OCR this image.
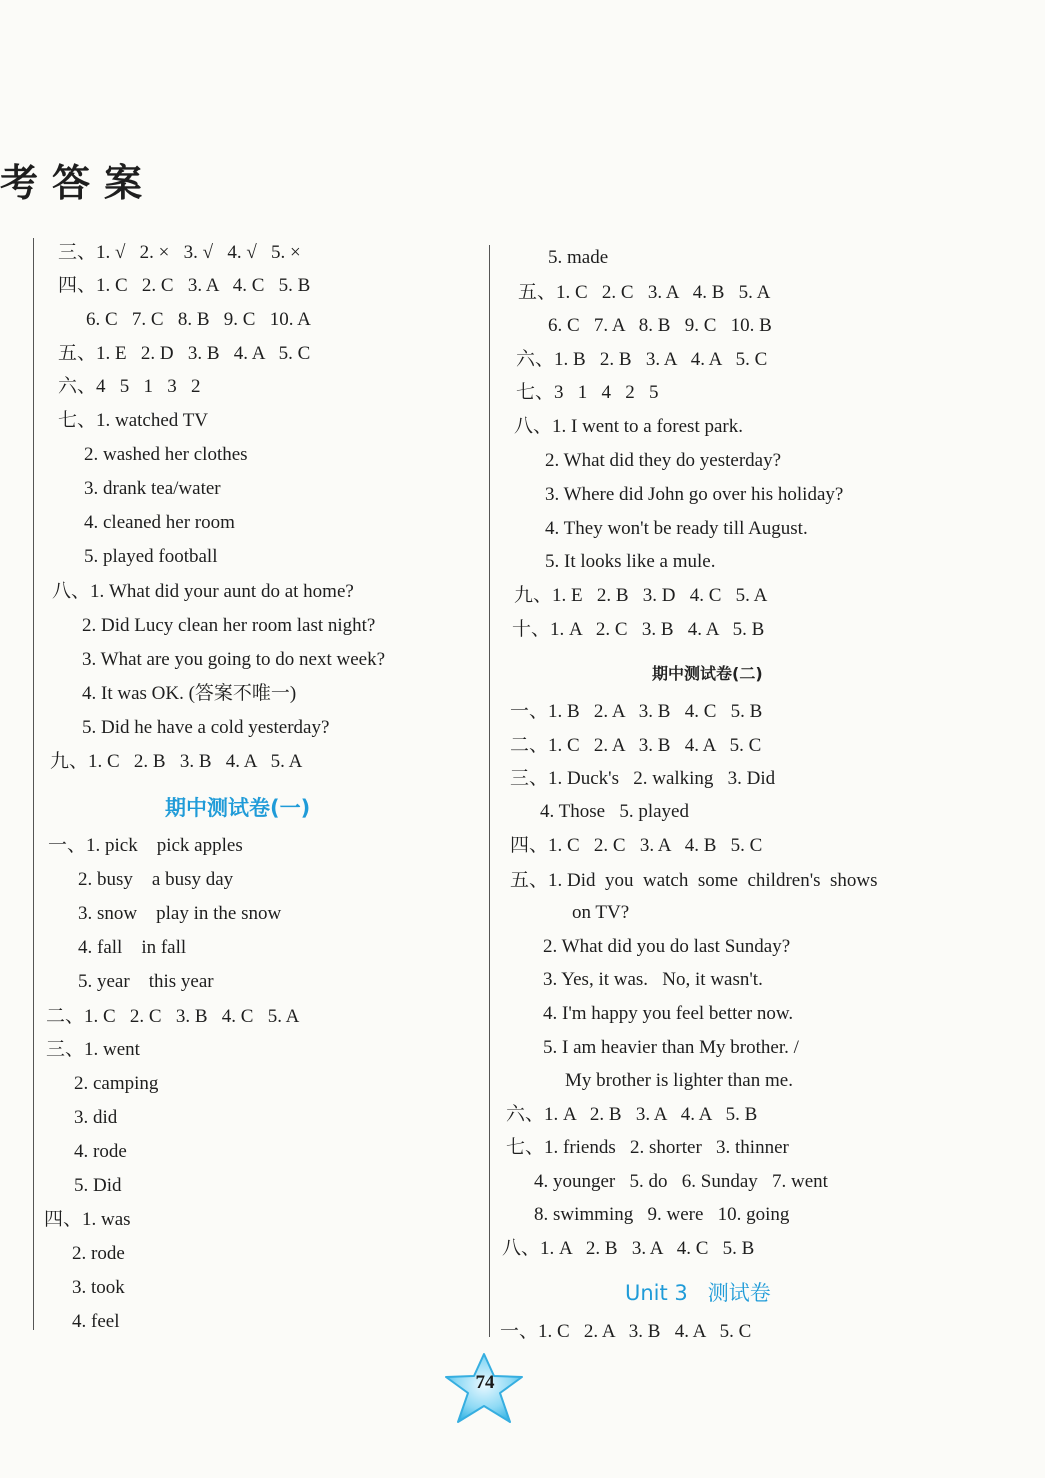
考答案
三、1. √   2. ×   3. √   4. √   5. ×
四、1. C   2. C   3. A   4. C   5. B
6. C   7. C   8. B   9. C   10. A
五、1. E   2. D   3. B   4. A   5. C
六、4   5   1   3   2
七、1. watched TV
2. washed her clothes
3. drank tea/water
4. cleaned her room
5. played football
八、1. What did your aunt do at home?
2. Did Lucy clean her room last night?
3. What are you going to do next week?
4. It was OK. (答案不唯一)
5. Did he have a cold yesterday?
九、1. C   2. B   3. B   4. A   5. A
期中测试卷(一)
一、1. pick    pick apples
2. busy    a busy day
3. snow    play in the snow
4. fall    in fall
5. year    this year
二、1. C   2. C   3. B   4. C   5. A
三、1. went
2. camping
3. did
4. rode
5. Did
四、1. was
2. rode
3. took
4. feel
5. made
五、1. C   2. C   3. A   4. B   5. A
6. C   7. A   8. B   9. C   10. B
六、1. B   2. B   3. A   4. A   5. C
七、3   1   4   2   5
八、1. I went to a forest park.
2. What did they do yesterday?
3. Where did John go over his holiday?
4. They won't be ready till August.
5. It looks like a mule.
九、1. E   2. B   3. D   4. C   5. A
十、1. A   2. C   3. B   4. A   5. B
期中测试卷(二)
一、1. B   2. A   3. B   4. C   5. B
二、1. C   2. A   3. B   4. A   5. C
三、1. Duck's   2. walking   3. Did
4. Those   5. played
四、1. C   2. C   3. A   4. B   5. C
五、1. Did  you  watch  some  children's  shows
on TV?
2. What did you do last Sunday?
3. Yes, it was.   No, it wasn't.
4. I'm happy you feel better now.
5. I am heavier than My brother. /
My brother is lighter than me.
六、1. A   2. B   3. A   4. A   5. B
七、1. friends   2. shorter   3. thinner
4. younger   5. do   6. Sunday   7. went
8. swimming   9. were   10. going
八、1. A   2. B   3. A   4. C   5. B
Unit 3   测试卷
一、1. C   2. A   3. B   4. A   5. C
74
